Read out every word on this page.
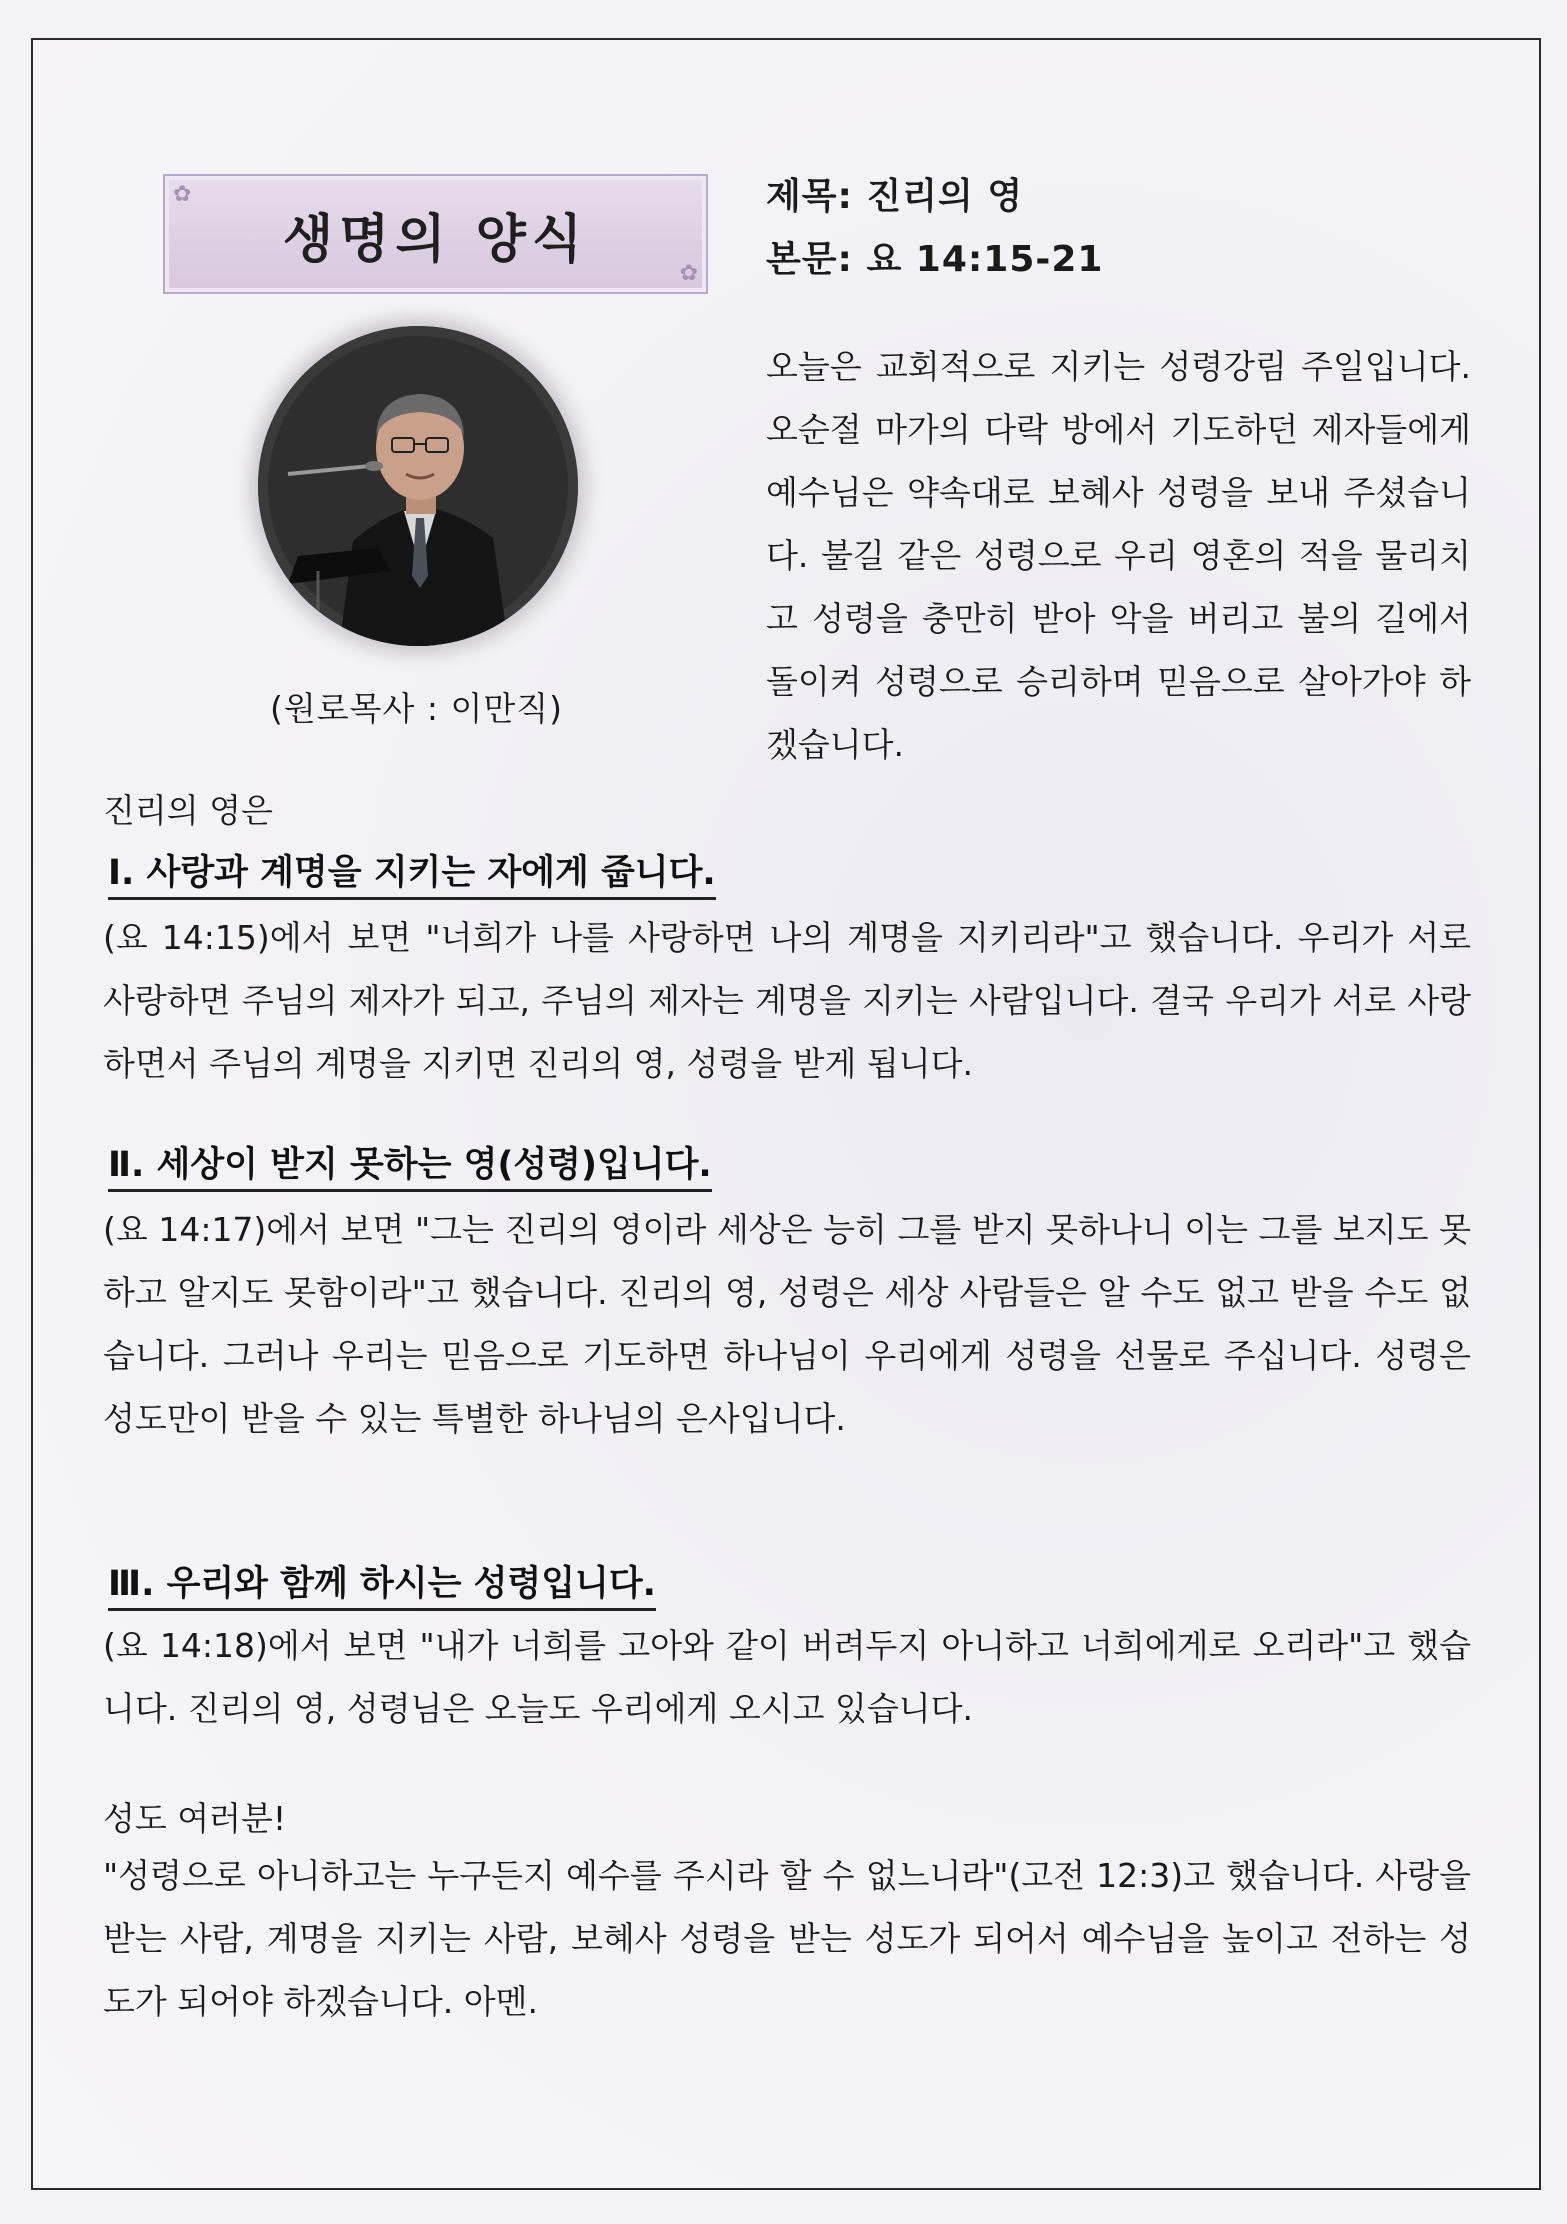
✿
✿
생명의 양식
제목: 진리의 영
본문: 요 14:15-21
(원로목사 : 이만직)
오늘은 교회적으로 지키는 성령강림 주일입니다. 오순절 마가의 다락 방에서 기도하던 제자들에게 예수님은 약속대로 보혜사 성령을 보내 주셨습니다. 불길 같은 성령으로 우리 영혼의 적을 물리치고 성령을 충만히 받아 악을 버리고 불의 길에서 돌이켜 성령으로 승리하며 믿음으로 살아가야 하겠습니다.
진리의 영은
Ⅰ. 사랑과 계명을 지키는 자에게 줍니다.
(요 14:15)에서 보면 "너희가 나를 사랑하면 나의 계명을 지키리라"고 했습니다. 우리가 서로 사랑하면 주님의 제자가 되고, 주님의 제자는 계명을 지키는 사람입니다. 결국 우리가 서로 사랑하면서 주님의 계명을 지키면 진리의 영, 성령을 받게 됩니다.
Ⅱ. 세상이 받지 못하는 영(성령)입니다.
(요 14:17)에서 보면 "그는 진리의 영이라 세상은 능히 그를 받지 못하나니 이는 그를 보지도 못하고 알지도 못함이라"고 했습니다. 진리의 영, 성령은 세상 사람들은 알 수도 없고 받을 수도 없습니다. 그러나 우리는 믿음으로 기도하면 하나님이 우리에게 성령을 선물로 주십니다. 성령은 성도만이 받을 수 있는 특별한 하나님의 은사입니다.
Ⅲ. 우리와 함께 하시는 성령입니다.
(요 14:18)에서 보면 "내가 너희를 고아와 같이 버려두지 아니하고 너희에게로 오리라"고 했습니다. 진리의 영, 성령님은 오늘도 우리에게 오시고 있습니다.
성도 여러분!
"성령으로 아니하고는 누구든지 예수를 주시라 할 수 없느니라"(고전 12:3)고 했습니다. 사랑을 받는 사람, 계명을 지키는 사람, 보혜사 성령을 받는 성도가 되어서 예수님을 높이고 전하는 성도가 되어야 하겠습니다. 아멘.
